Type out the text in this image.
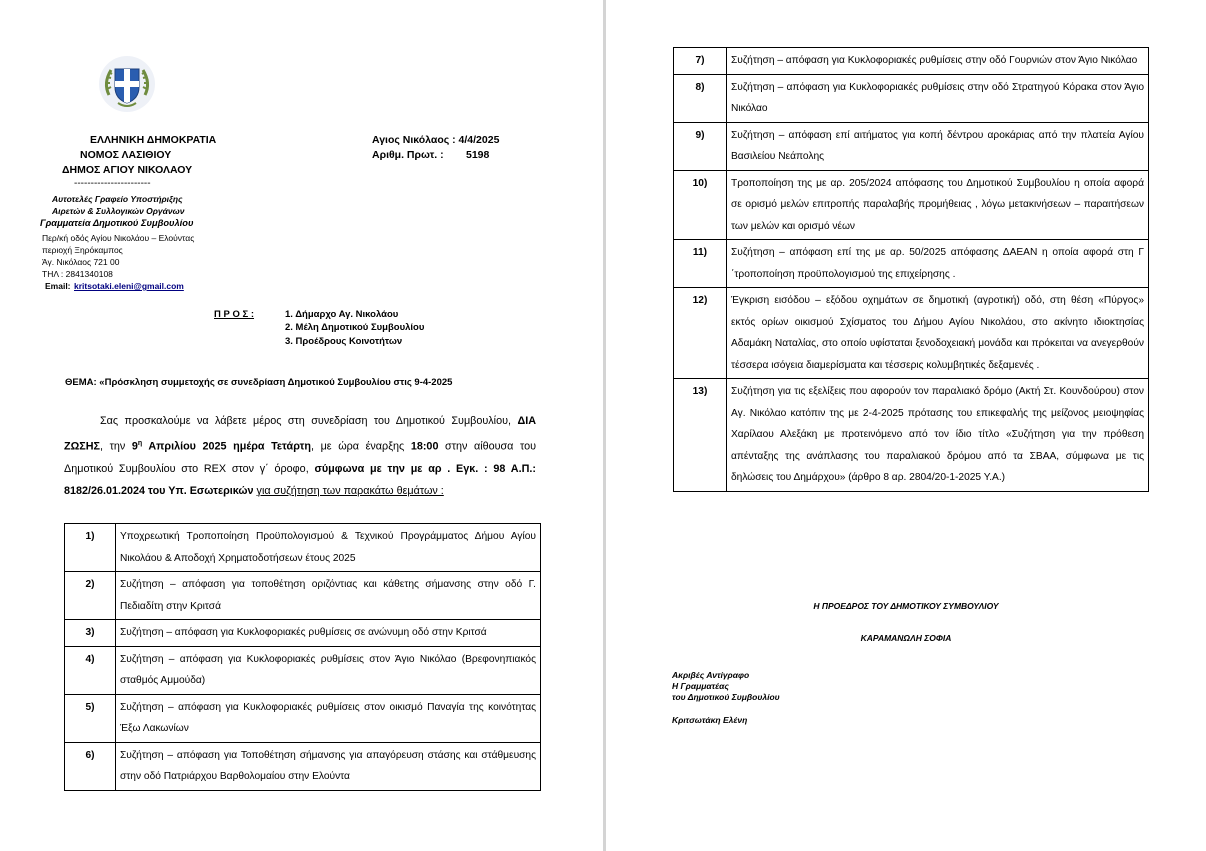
ΕΛΛΗΝΙΚΗ ΔΗΜΟΚΡΑΤΙΑ
ΝΟΜΟΣ ΛΑΣΙΘΙΟΥ
ΔΗΜΟΣ ΑΓΙΟΥ ΝΙΚΟΛΑΟΥ
-----------------------
Αγιος Νικόλαος : 4/4/2025
Αριθμ. Πρωτ. : 5198
Αυτοτελές Γραφείο Υποστήριξης
Αιρετών & Συλλογικών Οργάνων
Γραμματεία Δημοτικού Συμβουλίου
Περ/κή οδός Αγίου Νικολάου – Ελούντας
περιοχή Ξηρόκαμπος
Άγ. Νικόλαος 721 00
ΤΗΛ : 2841340108
Email: kritsotaki.eleni@gmail.com
Π Ρ Ο Σ :	1. Δήμαρχο Αγ. Νικολάου
2. Μέλη Δημοτικού Συμβουλίου
3. Προέδρους Κοινοτήτων
ΘΕΜΑ: «Πρόσκληση συμμετοχής σε συνεδρίαση Δημοτικού Συμβουλίου στις 9-4-2025
Σας προσκαλούμε να λάβετε μέρος στη συνεδρίαση του Δημοτικού Συμβουλίου, ΔΙΑ ΖΩΣΗΣ, την $9^\eta$ Απριλίου 2025 ημέρα Τετάρτη, με ώρα έναρξης 18:00 στην αίθουσα του Δημοτικού Συμβουλίου στο REX στον γ΄ όροφο, σύμφωνα με την με αρ . Εγκ. : 98 Α.Π.: 8182/26.01.2024 του Υπ. Εσωτερικών για συζήτηση των παρακάτω θεμάτων :
1)	Υποχρεωτική Τροποποίηση Προϋπολογισμού & Τεχνικού Προγράμματος Δήμου Αγίου Νικολάου & Αποδοχή Χρηματοδοτήσεων έτους 2025
2)	Συζήτηση – απόφαση για τοποθέτηση οριζόντιας και κάθετης σήμανσης στην οδό Γ. Πεδιαδίτη στην Κριτσά
3)	Συζήτηση – απόφαση για Κυκλοφοριακές ρυθμίσεις σε ανώνυμη οδό στην Κριτσά
4)	Συζήτηση – απόφαση για Κυκλοφοριακές ρυθμίσεις στον Άγιο Νικόλαο (Βρεφονηπιακός σταθμός Αμμούδα)
5)	Συζήτηση – απόφαση για Κυκλοφοριακές ρυθμίσεις στον οικισμό Παναγία της κοινότητας Έξω Λακωνίων
6)	Συζήτηση – απόφαση για Τοποθέτηση σήμανσης για απαγόρευση στάσης και στάθμευσης στην οδό Πατριάρχου Βαρθολομαίου στην Ελούντα
7)	Συζήτηση – απόφαση για Κυκλοφοριακές ρυθμίσεις στην οδό Γουρνιών στον Άγιο Νικόλαο
8)	Συζήτηση – απόφαση για Κυκλοφοριακές ρυθμίσεις στην οδό Στρατηγού Κόρακα στον Άγιο Νικόλαο
9)	Συζήτηση – απόφαση επί αιτήματος για κοπή δέντρου αροκάριας από την πλατεία Αγίου Βασιλείου Νεάπολης
10)	Τροποποίηση της με αρ. 205/2024 απόφασης του Δημοτικού Συμβουλίου η οποία αφορά σε ορισμό μελών επιτροπής παραλαβής προμήθειας , λόγω μετακινήσεων – παραιτήσεων των μελών και ορισμό νέων
11)	Συζήτηση – απόφαση επί της με αρ. 50/2025 απόφασης ΔΑΕΑΝ η οποία αφορά στη Γ ΄τροποποίηση προϋπολογισμού της επιχείρησης .
12)	Έγκριση εισόδου – εξόδου οχημάτων σε δημοτική (αγροτική) οδό, στη θέση «Πύργος» εκτός ορίων οικισμού Σχίσματος του Δήμου Αγίου Νικολάου, στο ακίνητο ιδιοκτησίας Αδαμάκη Ναταλίας, στο οποίο υφίσταται ξενοδοχειακή μονάδα και πρόκειται να ανεγερθούν τέσσερα ισόγεια διαμερίσματα και τέσσερις κολυμβητικές δεξαμενές .
13)	Συζήτηση για τις εξελίξεις που αφορούν τον παραλιακό δρόμο (Ακτή Στ. Κουνδούρου) στον Αγ. Νικόλαο κατόπιν της με 2-4-2025 πρότασης του επικεφαλής της μείζονος μειοψηφίας Χαρίλαου Αλεξάκη με προτεινόμενο από τον ίδιο τίτλο «Συζήτηση για την πρόθεση απένταξης της ανάπλασης του παραλιακού δρόμου από τα ΣΒΑΑ, σύμφωνα με τις δηλώσεις του Δημάρχου» (άρθρο 8 αρ. 2804/20-1-2025 Υ.Α.)
Η ΠΡΟΕΔΡΟΣ ΤΟΥ ΔΗΜΟΤΙΚΟΥ ΣΥΜΒΟΥΛΙΟΥ
ΚΑΡΑΜΑΝΩΛΗ ΣΟΦΙΑ
Ακριβές Αντίγραφο
Η Γραμματέας
του Δημοτικού Συμβουλίου
Κριτσωτάκη Ελένη
